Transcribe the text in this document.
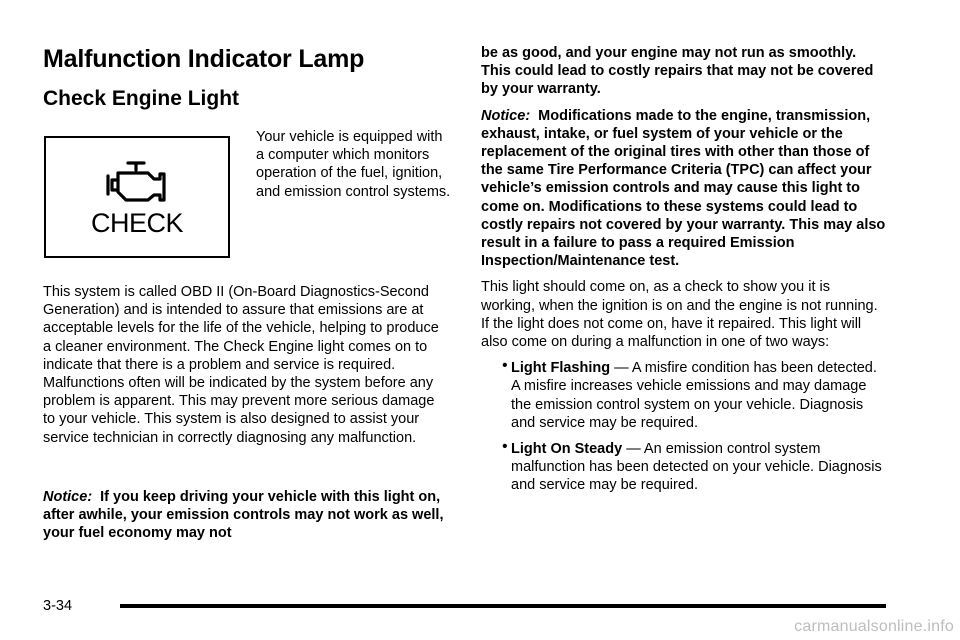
Malfunction Indicator Lamp
Check Engine Light
CHECK

Your vehicle is equipped with a computer which monitors operation of the fuel, ignition, and emission control systems.

This system is called OBD II (On-Board Diagnostics-Second Generation) and is intended to assure that emissions are at acceptable levels for the life of the vehicle, helping to produce a cleaner environment. The Check Engine light comes on to indicate that there is a problem and service is required. Malfunctions often will be indicated by the system before any problem is apparent. This may prevent more serious damage to your vehicle. This system is also designed to assist your service technician in correctly diagnosing any malfunction.

Notice: If you keep driving your vehicle with this light on, after awhile, your emission controls may not work as well, your fuel economy may not

be as good, and your engine may not run as smoothly. This could lead to costly repairs that may not be covered by your warranty.

Notice: Modifications made to the engine, transmission, exhaust, intake, or fuel system of your vehicle or the replacement of the original tires with other than those of the same Tire Performance Criteria (TPC) can affect your vehicle’s emission controls and may cause this light to come on. Modifications to these systems could lead to costly repairs not covered by your warranty. This may also result in a failure to pass a required Emission Inspection/Maintenance test.

This light should come on, as a check to show you it is working, when the ignition is on and the engine is not running. If the light does not come on, have it repaired. This light will also come on during a malfunction in one of two ways:

• Light Flashing — A misfire condition has been detected. A misfire increases vehicle emissions and may damage the emission control system on your vehicle. Diagnosis and service may be required.
• Light On Steady — An emission control system malfunction has been detected on your vehicle. Diagnosis and service may be required.
3-34
carmanualsonline.info
